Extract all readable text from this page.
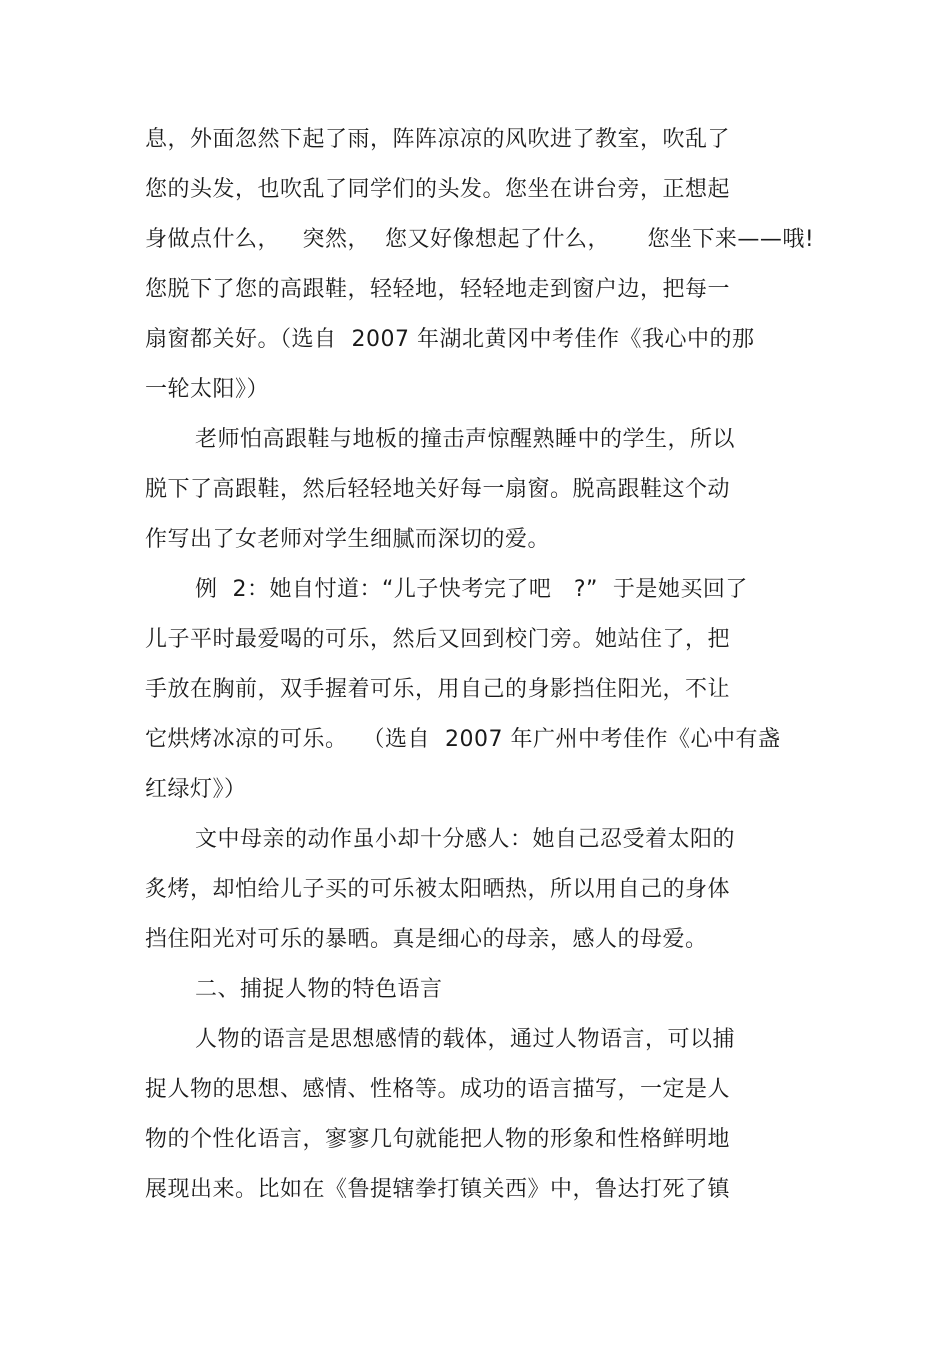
息，外面忽然下起了雨，阵阵凉凉的风吹进了教室，吹乱了
您的头发，也吹乱了同学们的头发。您坐在讲台旁，正想起
身做点什么，   突然，  您又好像想起了什么，     您坐下来——哦!
您脱下了您的高跟鞋，轻轻地，轻轻地走到窗户边，把每一
扇窗都关好。（选自  2007 年湖北黄冈中考佳作《我心中的那
一轮太阳》）
老师怕高跟鞋与地板的撞击声惊醒熟睡中的学生，所以
脱下了高跟鞋，然后轻轻地关好每一扇窗。脱高跟鞋这个动
作写出了女老师对学生细腻而深切的爱。
例  2：她自忖道：“儿子快考完了吧   ?”  于是她买回了
儿子平时最爱喝的可乐，然后又回到校门旁。她站住了，把
手放在胸前，双手握着可乐，用自己的身影挡住阳光，不让
它烘烤冰凉的可乐。  （选自  2007 年广州中考佳作《心中有盏
红绿灯》）
文中母亲的动作虽小却十分感人：她自己忍受着太阳的
炙烤，却怕给儿子买的可乐被太阳晒热，所以用自己的身体
挡住阳光对可乐的暴晒。真是细心的母亲，感人的母爱。
二、捕捉人物的特色语言
人物的语言是思想感情的载体，通过人物语言，可以捕
捉人物的思想、感情、性格等。成功的语言描写，一定是人
物的个性化语言，寥寥几句就能把人物的形象和性格鲜明地
展现出来。比如在《鲁提辖拳打镇关西》中，鲁达打死了镇
